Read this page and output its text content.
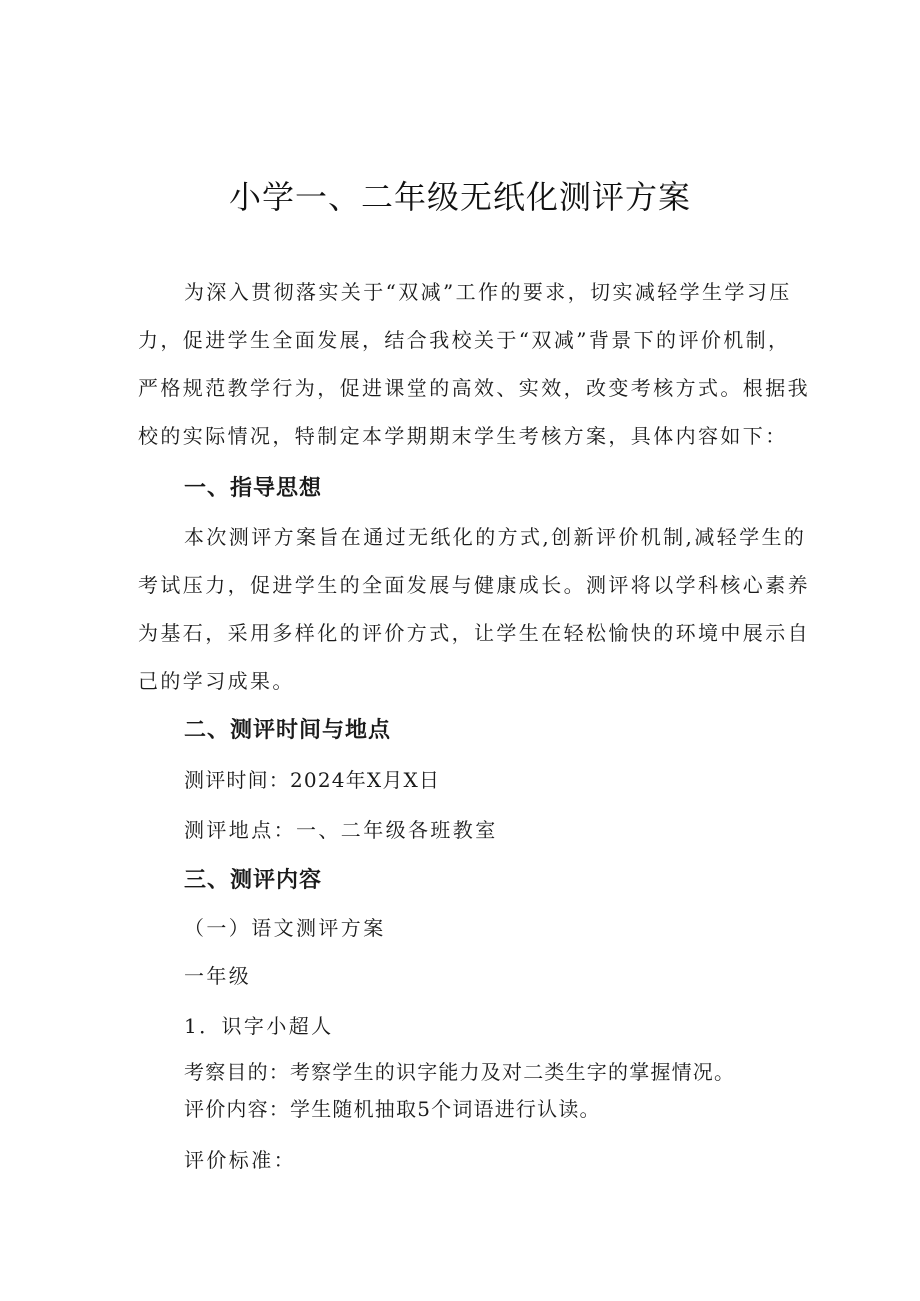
小学一、二年级无纸化测评方案

为深入贯彻落实关于“双减”工作的要求，切实减轻学生学习压

力，促进学生全面发展，结合我校关于“双减”背景下的评价机制，

严格规范教学行为，促进课堂的高效、实效，改变考核方式。根据我

校的实际情况，特制定本学期期末学生考核方案，具体内容如下：

一、指导思想

本次测评方案旨在通过无纸化的方式,创新评价机制,减轻学生的

考试压力，促进学生的全面发展与健康成长。测评将以学科核心素养

为基石，采用多样化的评价方式，让学生在轻松愉快的环境中展示自

己的学习成果。

二、测评时间与地点

测评时间：2024年X月X日

测评地点：一、二年级各班教室

三、测评内容

（一）语文测评方案

一年级

1．识字小超人

考察目的：考察学生的识字能力及对二类生字的掌握情况。

评价内容：学生随机抽取5个词语进行认读。

评价标准：
